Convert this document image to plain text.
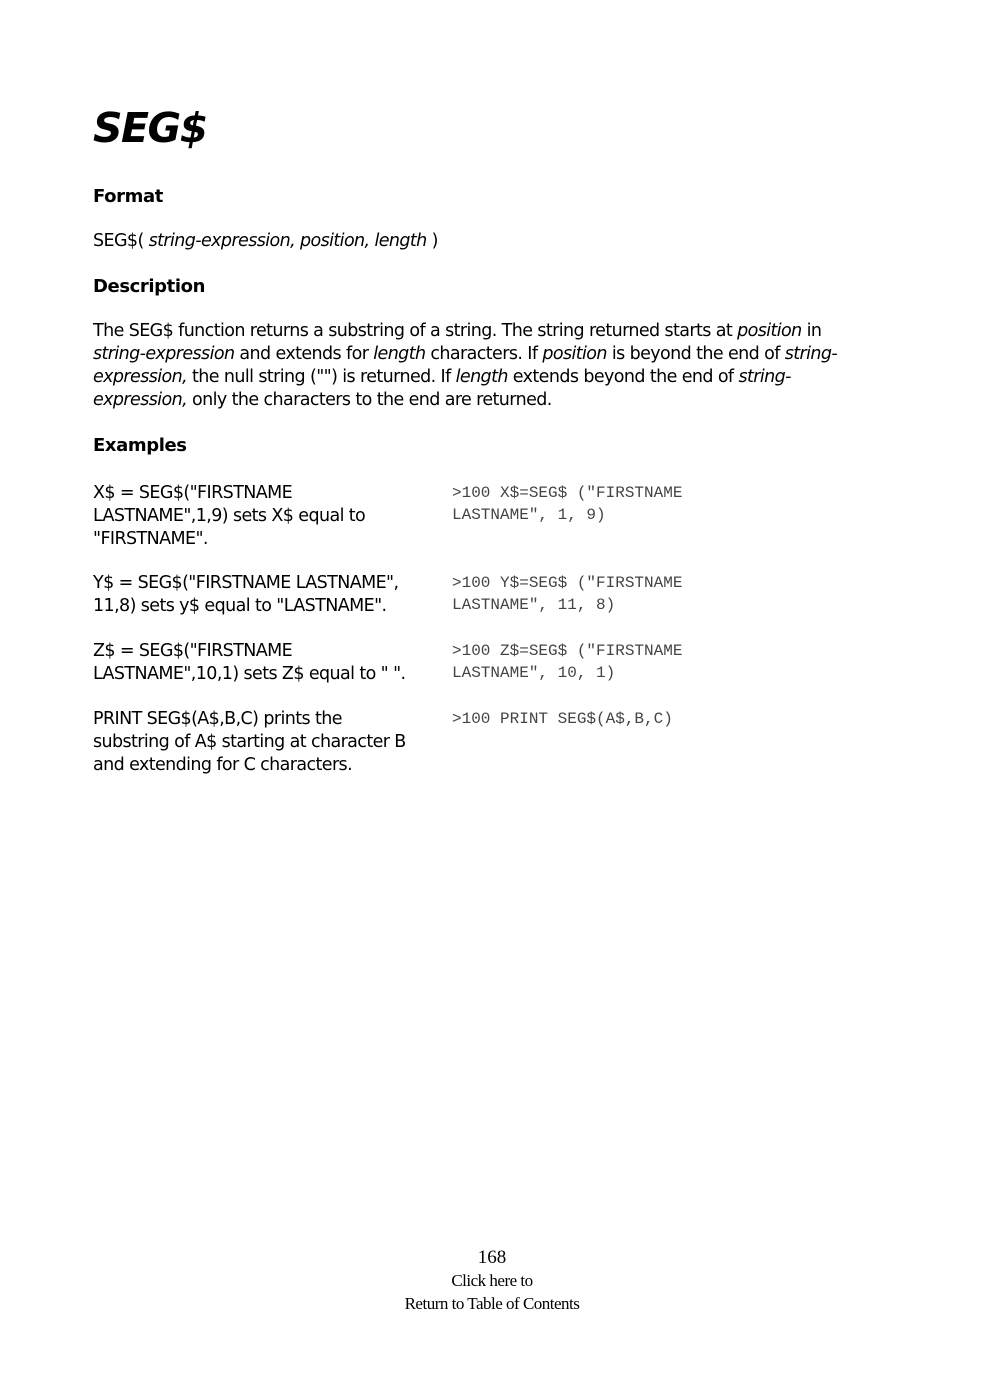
SEG$
Format
SEG$( string-expression, position, length )
Description
The SEG$ function returns a substring of a string. The string returned starts at position in
string-expression and extends for length characters. If position is beyond the end of string-
expression, the null string ("") is returned. If length extends beyond the end of string-
expression, only the characters to the end are returned.
Examples
X$ = SEG$("FIRSTNAME
LASTNAME",1,9) sets X$ equal to
"FIRSTNAME".
>100 X$=SEG$ ("FIRSTNAME
LASTNAME", 1, 9)
Y$ = SEG$("FIRSTNAME LASTNAME",
11,8) sets y$ equal to "LASTNAME".
>100 Y$=SEG$ ("FIRSTNAME
LASTNAME", 11, 8)
Z$ = SEG$("FIRSTNAME
LASTNAME",10,1) sets Z$ equal to " ".
>100 Z$=SEG$ ("FIRSTNAME
LASTNAME", 10, 1)
PRINT SEG$(A$,B,C) prints the
substring of A$ starting at character B
and extending for C characters.
>100 PRINT SEG$(A$,B,C)
168
Click here to
Return to Table of Contents
